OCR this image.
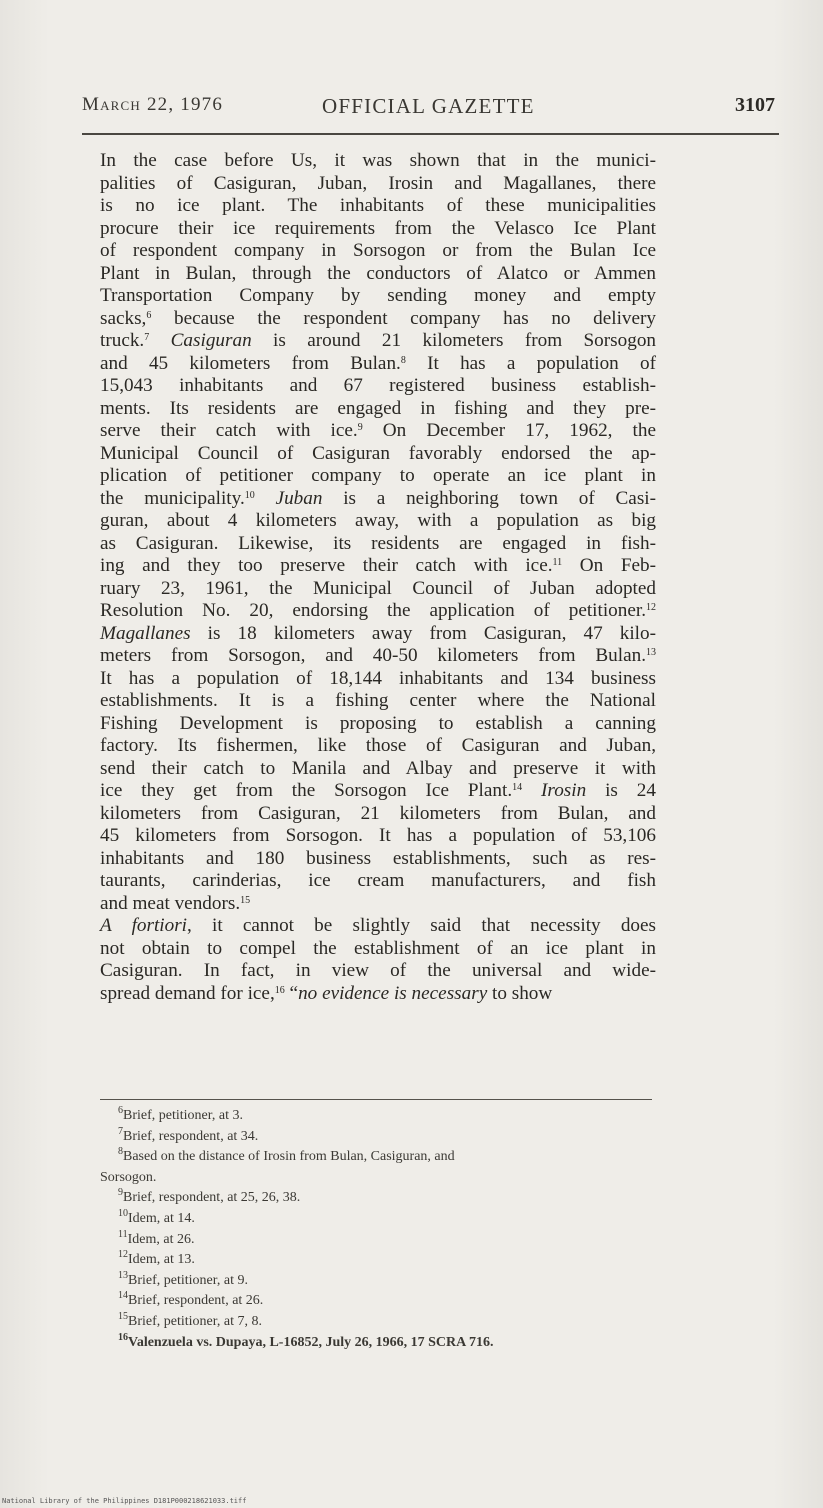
March 22, 1976	OFFICIAL GAZETTE	3107

In the case before Us, it was shown that in the munici-
palities of Casiguran, Juban, Irosin and Magallanes, there
is no ice plant. The inhabitants of these municipalities
procure their ice requirements from the Velasco Ice Plant
of respondent company in Sorsogon or from the Bulan Ice
Plant in Bulan, through the conductors of Alatco or Ammen
Transportation Company by sending money and empty
sacks,$^6$ because the respondent company has no delivery
truck.$^7$ Casiguran is around 21 kilometers from Sorsogon
and 45 kilometers from Bulan.$^8$ It has a population of
15,043 inhabitants and 67 registered business establish-
ments. Its residents are engaged in fishing and they pre-
serve their catch with ice.$^9$ On December 17, 1962, the
Municipal Council of Casiguran favorably endorsed the ap-
plication of petitioner company to operate an ice plant in
the municipality.$^{10}$ Juban is a neighboring town of Casi-
guran, about 4 kilometers away, with a population as big
as Casiguran. Likewise, its residents are engaged in fish-
ing and they too preserve their catch with ice.$^{11}$ On Feb-
ruary 23, 1961, the Municipal Council of Juban adopted
Resolution No. 20, endorsing the application of petitioner.$^{12}$
Magallanes is 18 kilometers away from Casiguran, 47 kilo-
meters from Sorsogon, and 40-50 kilometers from Bulan.$^{13}$
It has a population of 18,144 inhabitants and 134 business
establishments. It is a fishing center where the National
Fishing Development is proposing to establish a canning
factory. Its fishermen, like those of Casiguran and Juban,
send their catch to Manila and Albay and preserve it with
ice they get from the Sorsogon Ice Plant.$^{14}$ Irosin is 24
kilometers from Casiguran, 21 kilometers from Bulan, and
45 kilometers from Sorsogon. It has a population of 53,106
inhabitants and 180 business establishments, such as res-
taurants, carinderias, ice cream manufacturers, and fish
and meat vendors.$^{15}$

A fortiori, it cannot be slightly said that necessity does
not obtain to compel the establishment of an ice plant in
Casiguran. In fact, in view of the universal and wide-
spread demand for ice,$^{16}$ “no evidence is necessary to show

$^6$Brief, petitioner, at 3.
$^7$Brief, respondent, at 34.
$^8$Based on the distance of Irosin from Bulan, Casiguran, and
Sorsogon.
$^9$Brief, respondent, at 25, 26, 38.
$^{10}$Idem, at 14.
$^{11}$Idem, at 26.
$^{12}$Idem, at 13.
$^{13}$Brief, petitioner, at 9.
$^{14}$Brief, respondent, at 26.
$^{15}$Brief, petitioner, at 7, 8.
$^{16}$Valenzuela vs. Dupaya, L-16852, July 26, 1966, 17 SCRA 716.
National Library of the Philippines D181P000218621033.tiff
